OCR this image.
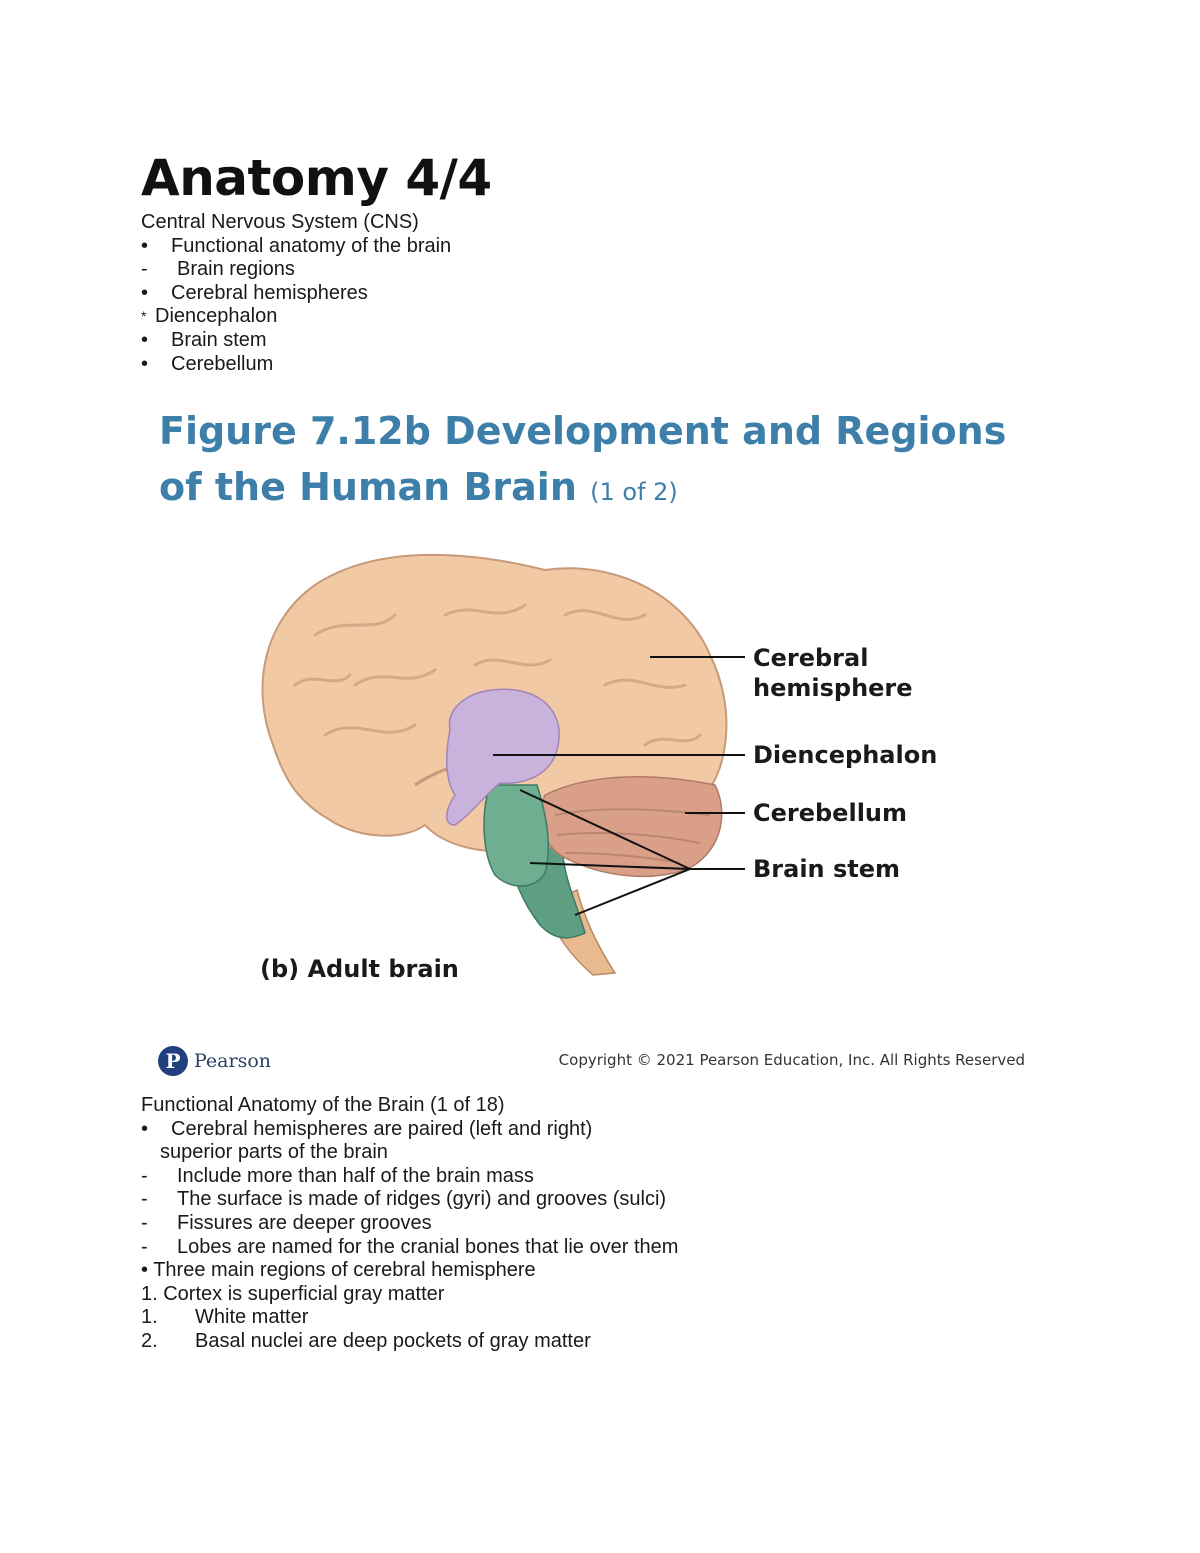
Anatomy 4/4
Central Nervous System (CNS)
• Functional anatomy of the brain
- Brain regions
• Cerebral hemispheres
* Diencephalon
• Brain stem
• Cerebellum
Figure 7.12b Development and Regions of the Human Brain (1 of 2)
Cerebral
hemisphere
Diencephalon
Cerebellum
Brain stem
(b) Adult brain
P Pearson	Copyright © 2021 Pearson Education, Inc. All Rights Reserved
Functional Anatomy of the Brain (1 of 18)
• Cerebral hemispheres are paired (left and right)
superior parts of the brain
- Include more than half of the brain mass
- The surface is made of ridges (gyri) and grooves (sulci)
- Fissures are deeper grooves
- Lobes are named for the cranial bones that lie over them
• Three main regions of cerebral hemisphere
1. Cortex is superficial gray matter
1. White matter
2. Basal nuclei are deep pockets of gray matter
